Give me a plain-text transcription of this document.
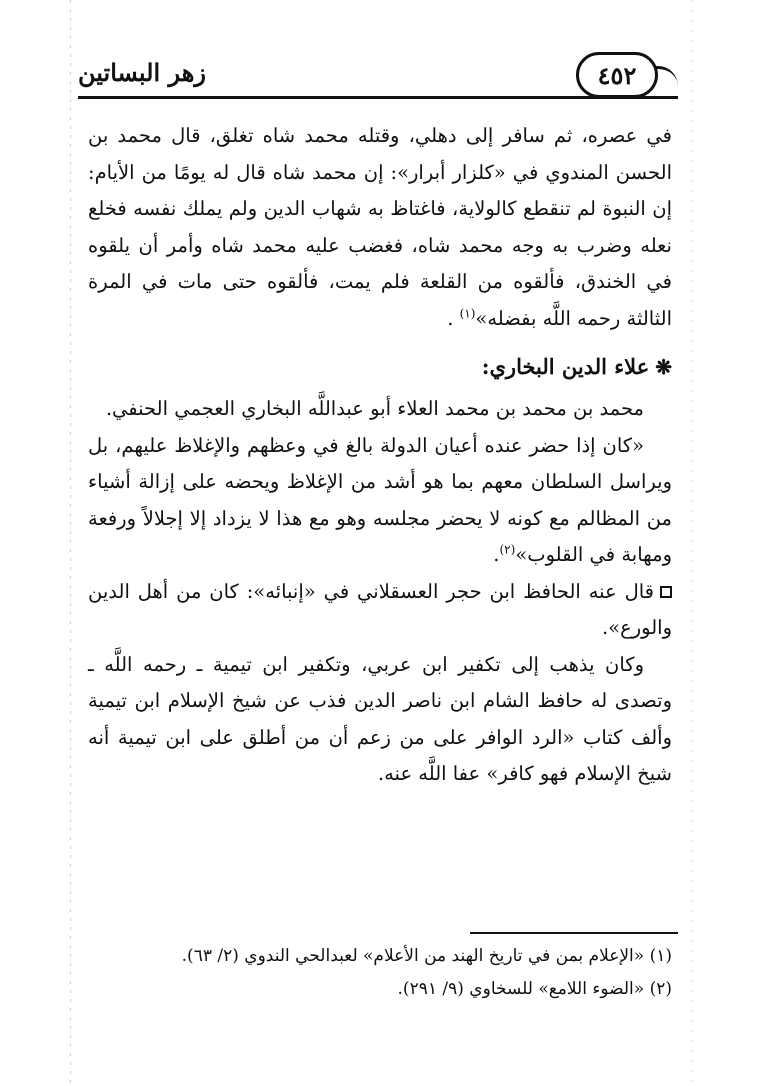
زهر البساتين	٤٥٢

في عصره، ثم سافر إلى دهلي، وقتله محمد شاه تغلق، قال محمد بن الحسن المندوي في «كلزار أبرار»: إن محمد شاه قال له يومًا من الأيام: إن النبوة لم تنقطع كالولاية، فاغتاظ به شهاب الدين ولم يملك نفسه فخلع نعله وضرب به وجه محمد شاه، فغضب عليه محمد شاه وأمر أن يلقوه في الخندق، فألقوه من القلعة فلم يمت، فألقوه حتى مات في المرة الثالثة رحمه اللَّه بفضله»$^{(١)}$ .

❋علاء الدين البخاري:

محمد بن محمد بن محمد العلاء أبو عبداللَّه البخاري العجمي الحنفي.

«كان إذا حضر عنده أعيان الدولة بالغ في وعظهم والإغلاظ عليهم، بل ويراسل السلطان معهم بما هو أشد من الإغلاظ ويحضه على إزالة أشياء من المظالم مع كونه لا يحضر مجلسه وهو مع هذا لا يزداد إلا إجلالاً ورفعة ومهابة في القلوب»$^{(٢)}$.

قال عنه الحافظ ابن حجر العسقلاني في «إنبائه»: كان من أهل الدين والورع».

وكان يذهب إلى تكفير ابن عربي، وتكفير ابن تيمية ـ رحمه اللَّه ـ وتصدى له حافظ الشام ابن ناصر الدين فذب عن شيخ الإسلام ابن تيمية وألف كتاب «الرد الوافر على من زعم أن من أطلق على ابن تيمية أنه شيخ الإسلام فهو كافر» عفا اللَّه عنه.

(١) «الإعلام بمن في تاريخ الهند من الأعلام» لعبدالحي الندوي (٢/ ٦٣).

(٢) «الضوء اللامع» للسخاوي (٩/ ٢٩١).
